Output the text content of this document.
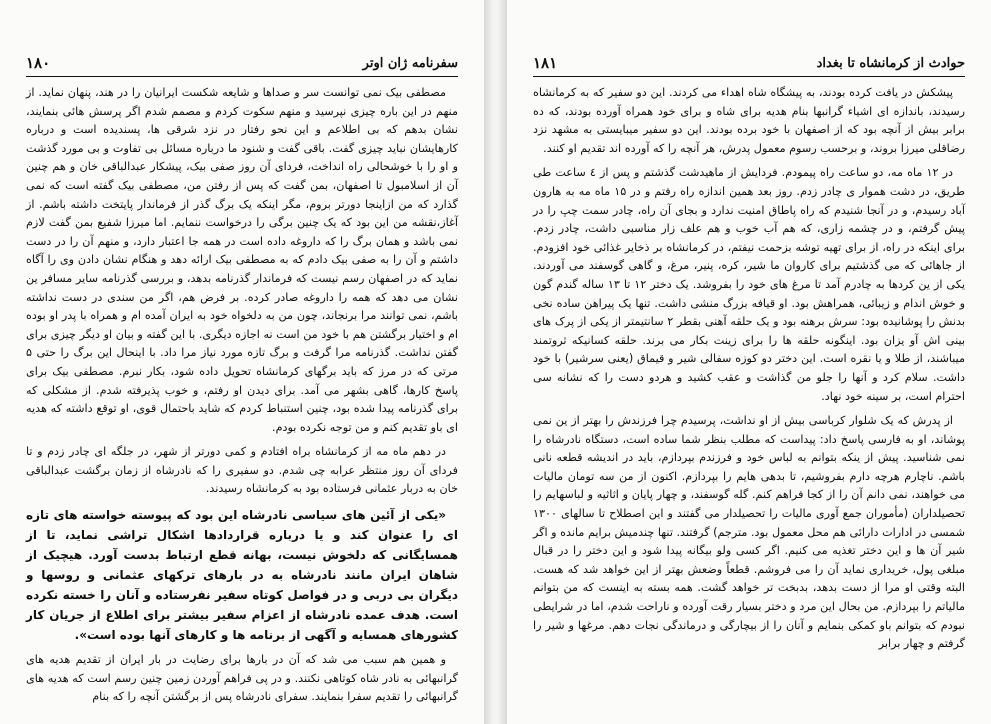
سفرنامه ژان اوتر
۱۸۰

مصطفی بیک نمی توانست سر و صداها و شایعه شکست ایرانیان را در هند، پنهان نماید. از منهم در این باره چیزی نپرسید و منهم سکوت کردم و مصمم شدم اگر پرسش هائی بنمایند، نشان بدهم که بی اطلاعم و این نحو رفتار در نزد شرقی ها، پسندیده است و درباره کارهایشان نباید چیزی گفت. باقی گفت و شنود ما درباره مسائل بی تفاوت و بی مورد گذشت و او را با خوشحالی راه انداخت، فردای آن روز صفی بیک، پیشکار عبدالباقی خان و هم چنین آن از اسلامبول تا اصفهان، بمن گفت که پس از رفتن من، مصطفی بیک گفته است که نمی گذارد که من ازاینجا دورتر بروم، مگر اینکه یک برگ گذر از فرماندار پایتخت داشته باشم. از آغاز،نقشه من این بود که یک چنین برگی را درخواست ننمایم. اما میرزا شفیع بمن گفت لازم نمی باشد و همان برگ را که داروغه داده است در همه جا اعتبار دارد، و منهم آن را در دست داشتم و آن را به صفی بیک دادم که به مصطفی بیک ارائه دهد و هنگام نشان دادن وی را آگاه نماید که در اصفهان رسم نیست که فرماندار گذرنامه بدهد، و بررسی گذرنامه سایر مسافر ین نشان می دهد که همه را داروغه صادر کرده. بر فرض هم، اگر من سندی در دست نداشته باشم، نمی توانند مرا برنجاند، چون من به دلخواه خود به ایران آمده ام و همراه با پدر او بوده ام و اختیار برگشتن هم با خود من است نه اجازه دیگری. با این گفته و بیان او دیگر چیزی برای گفتن نداشت. گذرنامه مرا گرفت و برگ تازه مورد نیاز مرا داد. با اینحال این برگ را حتی ۵ مرتی که در مرز که باید برگهای کرمانشاه تحویل داده شود، بکار نبرم. مصطفی بیک برای پاسخ کارها، گاهی بشهر می آمد. برای دیدن او رفتم، و خوب پذیرفته شدم. از مشکلی که برای گذرنامه پیدا شده بود، چنین استنباط کردم که شاید باحتمال قوی، او توقع داشته که هدیه ای باو تقدیم کنم و من توجه نکرده بودم.

در دهم ماه مه از کرمانشاه براه افتادم و کمی دورتر از شهر، در جلگه ای چادر زدم و تا فردای آن روز منتظر عرابه چی شدم. دو سفیری را که نادرشاه از زمان برگشت عبدالباقی خان به دربار عثمانی فرستاده بود به کرمانشاه رسیدند.

«یکی از آئین های سیاسی نادرشاه این بود که پیوسته خواسته های تازه ای را عنوان کند و یا درباره قراردادها اشکال تراشی نماید، تا از همسایگانی که دلخوش نیست، بهانه قطع ارتباط بدست آورد. هیچیک از شاهان ایران مانند نادرشاه به در بارهای ترکهای عثمانی و روسها و دیگران بی دربی و در فواصل کوتاه سفیر نفرستاده و آنان را خسته نکرده است. هدف عمده نادرشاه از اعزام سفیر بیشتر برای اطلاع از جریان کار کشورهای همسایه و آگهی از برنامه ها و کارهای آنها بوده است».

و همین هم سبب می شد که آن در بارها برای رضایت در بار ایران از تقدیم هدیه های گرانبهائی به نادر شاه کوتاهی نکنند. و در پی فراهم آوردن زمین چنین رسم است که هدیه های گرانبهائی را تقدیم سفرا بنمایند. سفرای نادرشاه پس از برگشتن آنچه را که بنام

حوادث از کرمانشاه تا بغداد
۱۸۱

پیشکش در یافت کرده بودند، به پیشگاه شاه اهداء می کردند. این دو سفیر که به کرمانشاه رسیدند، باندازه ای اشیاء گرانبها بنام هدیه برای شاه و برای خود همراه آورده بودند، که ده برابر بیش از آنچه بود که از اصفهان با خود برده بودند. این دو سفیر میبایستی به مشهد نزد رضاقلی میرزا بروند، و برحسب رسوم معمول پدرش، هر آنچه را که آورده اند تقدیم او کنند.

در ۱۲ ماه مه، دو ساعت راه پیمودم. فردایش از ماهیدشت گذشتم و پس از ٤ ساعت طی طریق، در دشت هموار ی چادر زدم. روز بعد همین اندازه راه رفتم و در ۱۵ ماه مه به هارون آباد رسیدم، و در آنجا شنیدم که راه پاطاق امنیت ندارد و بجای آن راه، چادر سمت چپ را در پیش گرفتم، و در چشمه زاری، که هم آب خوب و هم علف زار مناسبی داشت، چادر زدم. برای اینکه در راه، از برای تهیه توشه بزحمت نیفتم، در کرمانشاه بر ذخایر غذائی خود افزودم. از جاهائی که می گذشتیم برای کاروان ما شیر، کره، پنیر، مرغ، و گاهی گوسفند می آوردند. یکی از ین کردها به چادرم آمد تا مرغ های خود را بفروشد. یک دختر ۱۲ تا ۱۳ ساله گندم گون و خوش اندام و زیبائی، همراهش بود. او قیافه بزرگ منشی داشت. تنها یک پیراهن ساده نخی بدنش را پوشانیده بود: سرش برهنه بود و یک حلقه آهنی بقطر ۲ سانتیمتر از یکی از پرک های بینی اش آو یزان بود. اینگونه حلقه ها را برای زینت بکار می برند. حلقه کسانیکه ثروتمند میباشند، از طلا و یا نقره است. این دختر دو کوزه سفالی شیر و قیماق (یعنی سرشیر) با خود داشت. سلام کرد و آنها را جلو من گذاشت و عقب کشید و هردو دست را که نشانه سی احترام است، بر سینه خود نهاد.

از پدرش که یک شلوار کرباسی بیش از او نداشت، پرسیدم چرا فرزندش را بهتر از ین نمی پوشاند، او به فارسی پاسخ داد: پیداست که مطلب بنظر شما ساده است، دستگاه نادرشاه را نمی شناسید. پیش از ینکه بتوانم به لباس خود و فرزندم بپردازم، باید در اندیشه قطعه نانی باشم. ناچارم هرچه دارم بفروشیم، تا بدهی هایم را بپردازم. اکنون از من سه تومان مالیات می خواهند، نمی دانم آن را از کجا فراهم کنم. گله گوسفند، و چهار پایان و اثاثیه و لباسهایم را تحصیلداران (مأموران جمع آوری مالیات را تحصیلدار می گفتند و این اصطلاح تا سالهای ۱۳۰۰ شمسی در ادارات دارائی هم محل معمول بود. مترجم) گرفتند. تنها چندمیش برایم مانده و اگر شیر آن ها و این دختر تغذیه می کنیم. اگر کسی ولو بیگانه پیدا شود و این دختر را در قبال مبلغی پول، خریداری نماید آن را می فروشم. قطعاً وضعش بهتر از این خواهد شد که هست. البته وقتی او مرا از دست بدهد، بدبخت تر خواهد گشت. همه بسته به اینست که من بتوانم مالیاتم را بپردازم. من بحال این مرد و دختر بسیار رقت آورده و ناراحت شدم، اما در شرایطی نبودم که بتوانم باو کمکی بنمایم و آنان را از بیچارگی و درماندگی نجات دهم. مرغها و شیر را گرفتم و چهار برابر
